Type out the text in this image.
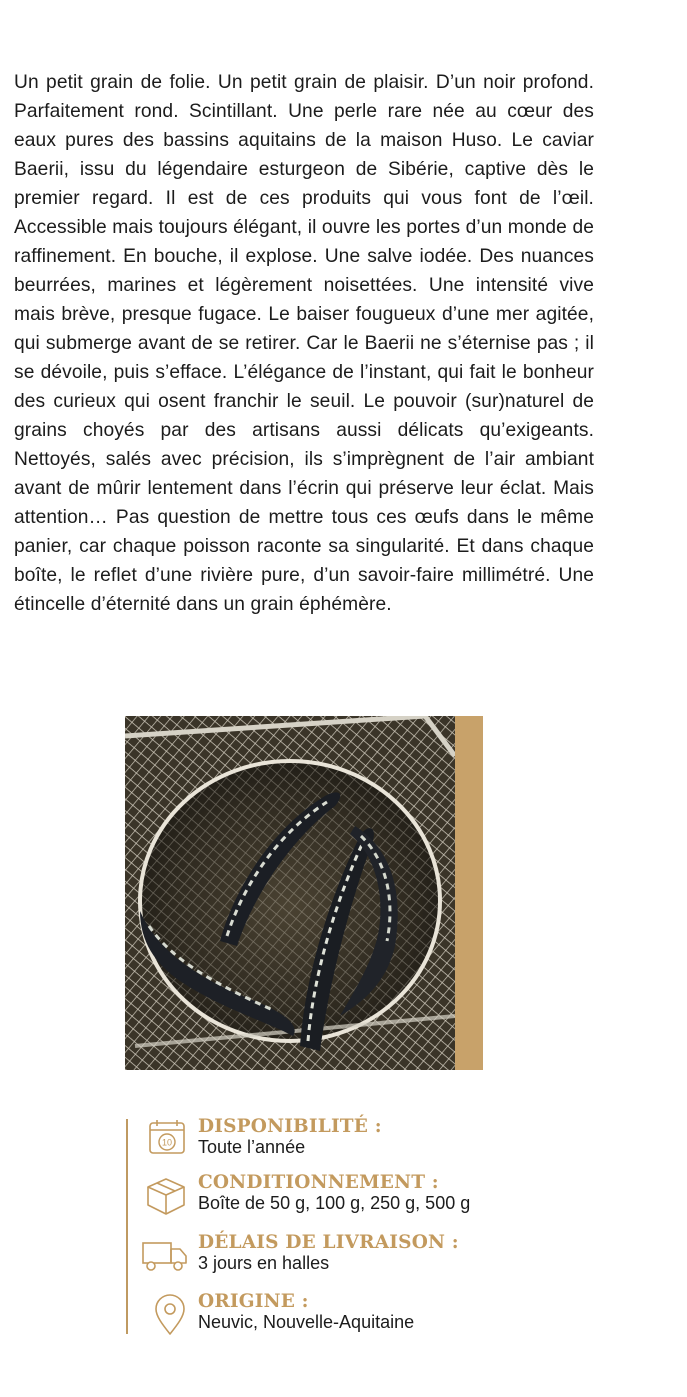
Un petit grain de folie. Un petit grain de plaisir. D’un noir profond. Parfaitement rond. Scintillant. Une perle rare née au cœur des eaux pures des bassins aquitains de la maison Huso. Le caviar Baerii, issu du légendaire esturgeon de Sibérie, captive dès le premier regard. Il est de ces produits qui vous font de l’œil. Accessible mais toujours élégant, il ouvre les portes d’un monde de raffinement. En bouche, il explose. Une salve iodée. Des nuances beurrées, marines et légèrement noisettées. Une intensité vive mais brève, presque fugace. Le baiser fougueux d’une mer agitée, qui submerge avant de se retirer. Car le Baerii ne s’éternise pas ; il se dévoile, puis s’efface. L’élégance de l’instant, qui fait le bonheur des curieux qui osent franchir le seuil. Le pouvoir (sur)naturel de grains choyés par des artisans aussi délicats qu’exigeants. Nettoyés, salés avec précision, ils s’imprègnent de l’air ambiant avant de mûrir lentement dans l’écrin qui préserve leur éclat. Mais attention… Pas question de mettre tous ces œufs dans le même panier, car chaque poisson raconte sa singularité. Et dans chaque boîte, le reflet d’une rivière pure, d’un savoir-faire millimétré. Une étincelle d’éternité dans un grain éphémère.

10
DISPONIBILITÉ :
Toute l’année
CONDITIONNEMENT :
Boîte de 50 g, 100 g, 250 g, 500 g
DÉLAIS DE LIVRAISON :
3 jours en halles
ORIGINE :
Neuvic, Nouvelle-Aquitaine
